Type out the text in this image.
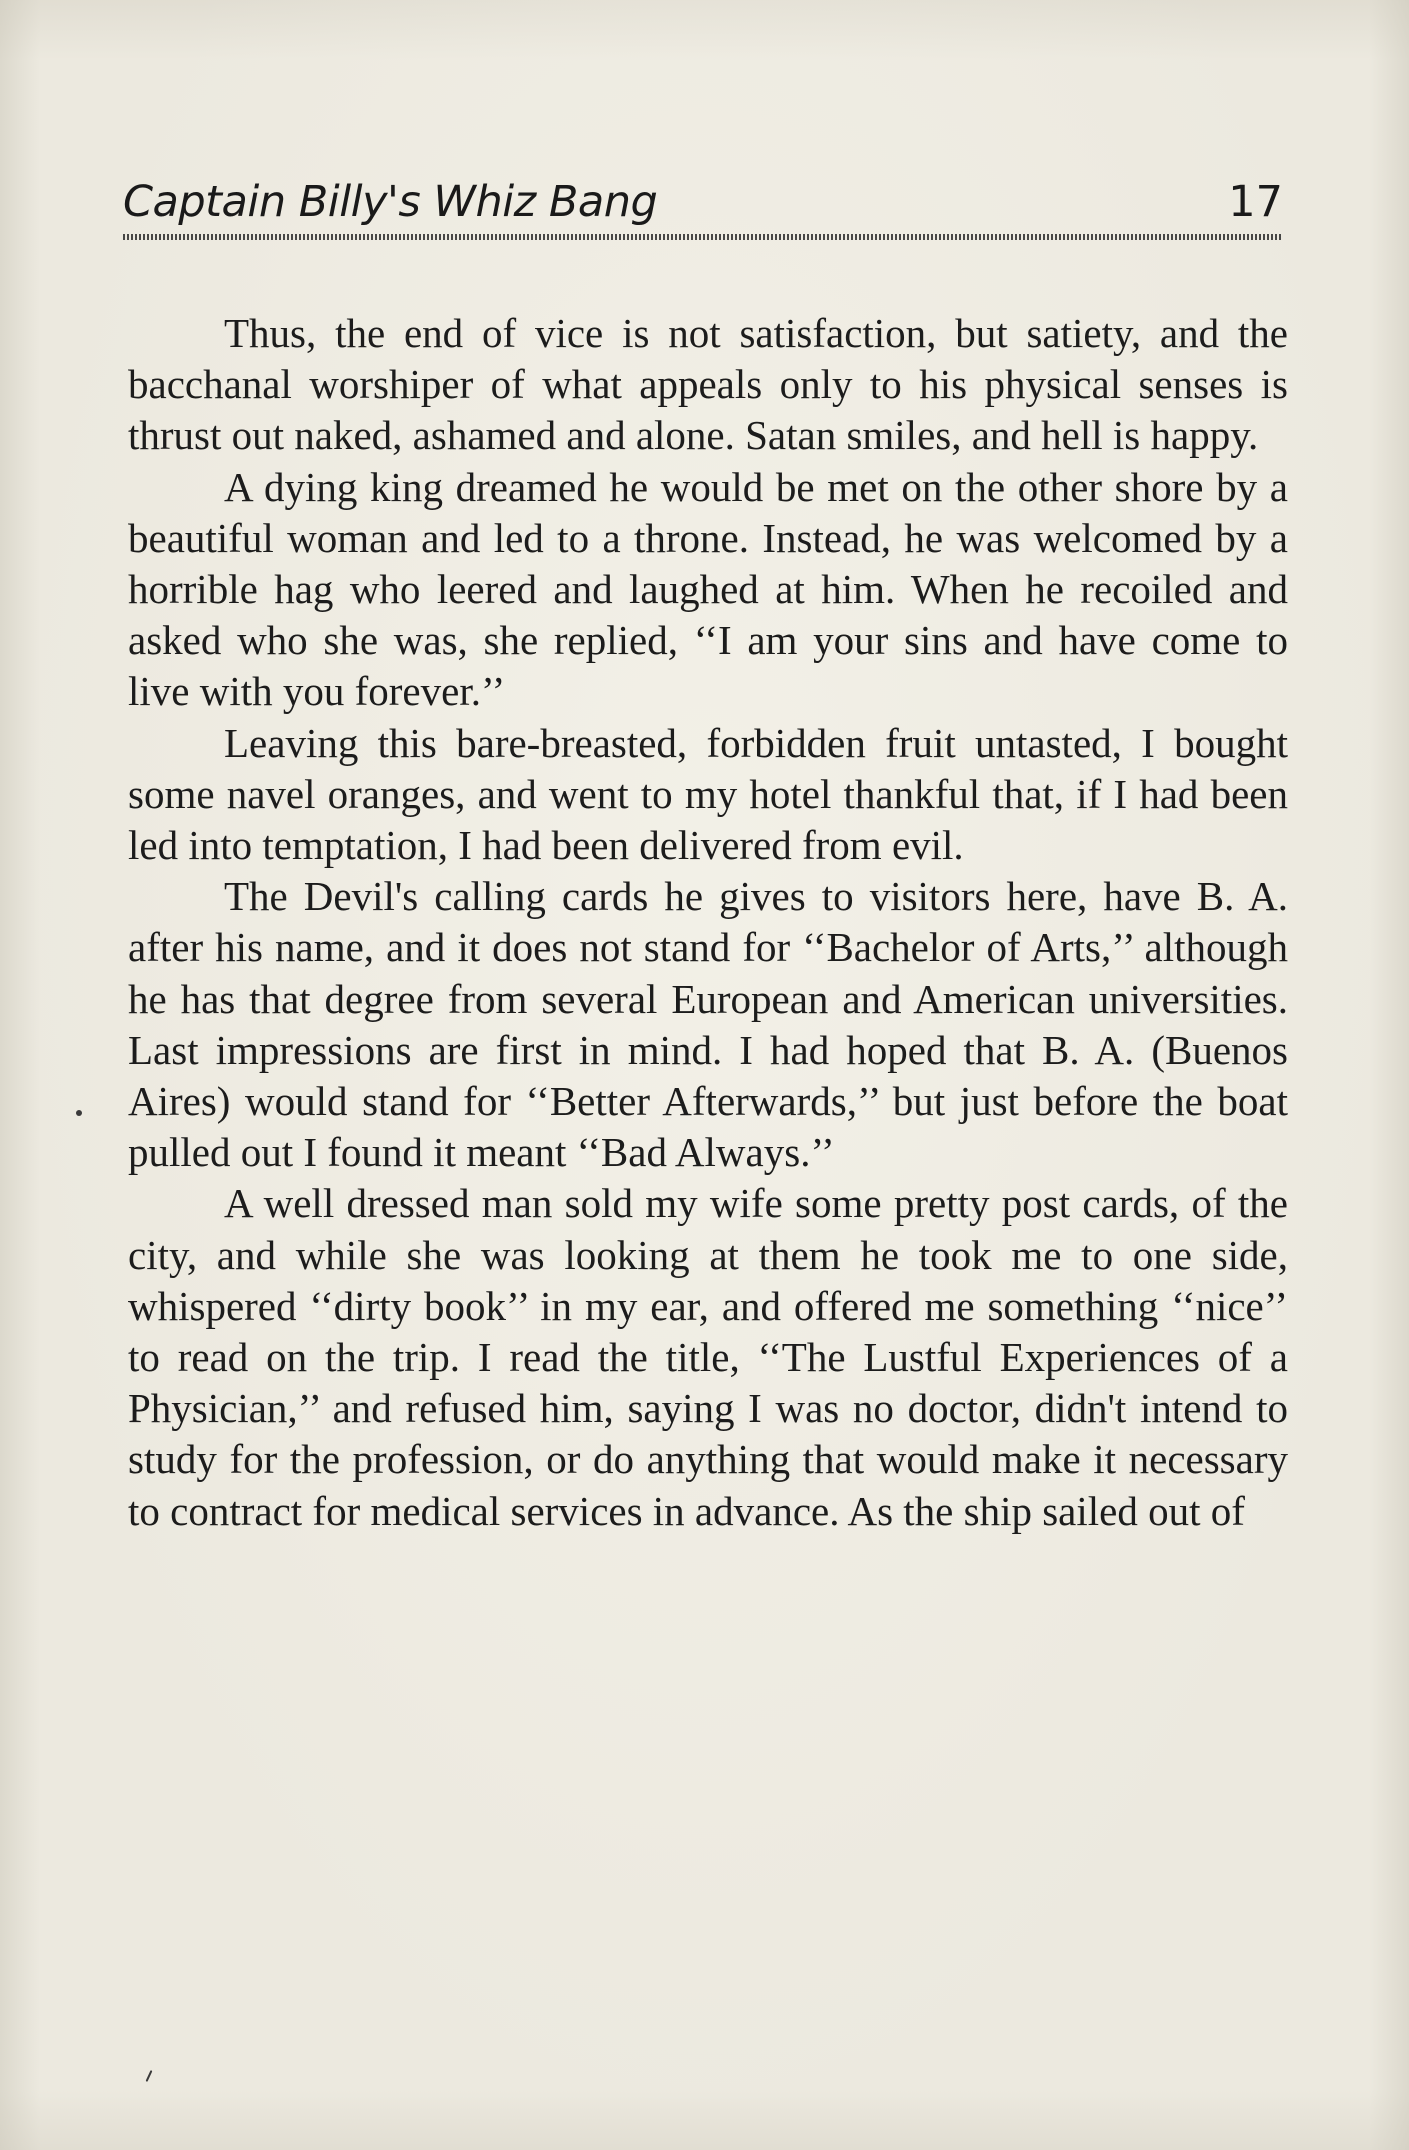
Captain Billy's Whiz Bang	17

Thus, the end of vice is not satisfaction, but satiety, and the bacchanal worshiper of what appeals only to his physical senses is thrust out naked, ashamed and alone. Satan smiles, and hell is happy.

A dying king dreamed he would be met on the other shore by a beautiful woman and led to a throne. Instead, he was welcomed by a horrible hag who leered and laughed at him. When he recoiled and asked who she was, she replied, ‘‘I am your sins and have come to live with you forever.’’

Leaving this bare-breasted, forbidden fruit untasted, I bought some navel oranges, and went to my hotel thankful that, if I had been led into temptation, I had been delivered from evil.

The Devil's calling cards he gives to visitors here, have B. A. after his name, and it does not stand for ‘‘Bachelor of Arts,’’ although he has that degree from several European and American universities. Last impressions are first in mind. I had hoped that B. A. (Buenos Aires) would stand for ‘‘Better Afterwards,’’ but just before the boat pulled out I found it meant ‘‘Bad Always.’’

A well dressed man sold my wife some pretty post cards, of the city, and while she was looking at them he took me to one side, whispered ‘‘dirty book’’ in my ear, and offered me something ‘‘nice’’ to read on the trip. I read the title, ‘‘The Lustful Experiences of a Physician,’’ and refused him, saying I was no doctor, didn't intend to study for the profession, or do anything that would make it necessary to contract for medical services in advance. As the ship sailed out of
